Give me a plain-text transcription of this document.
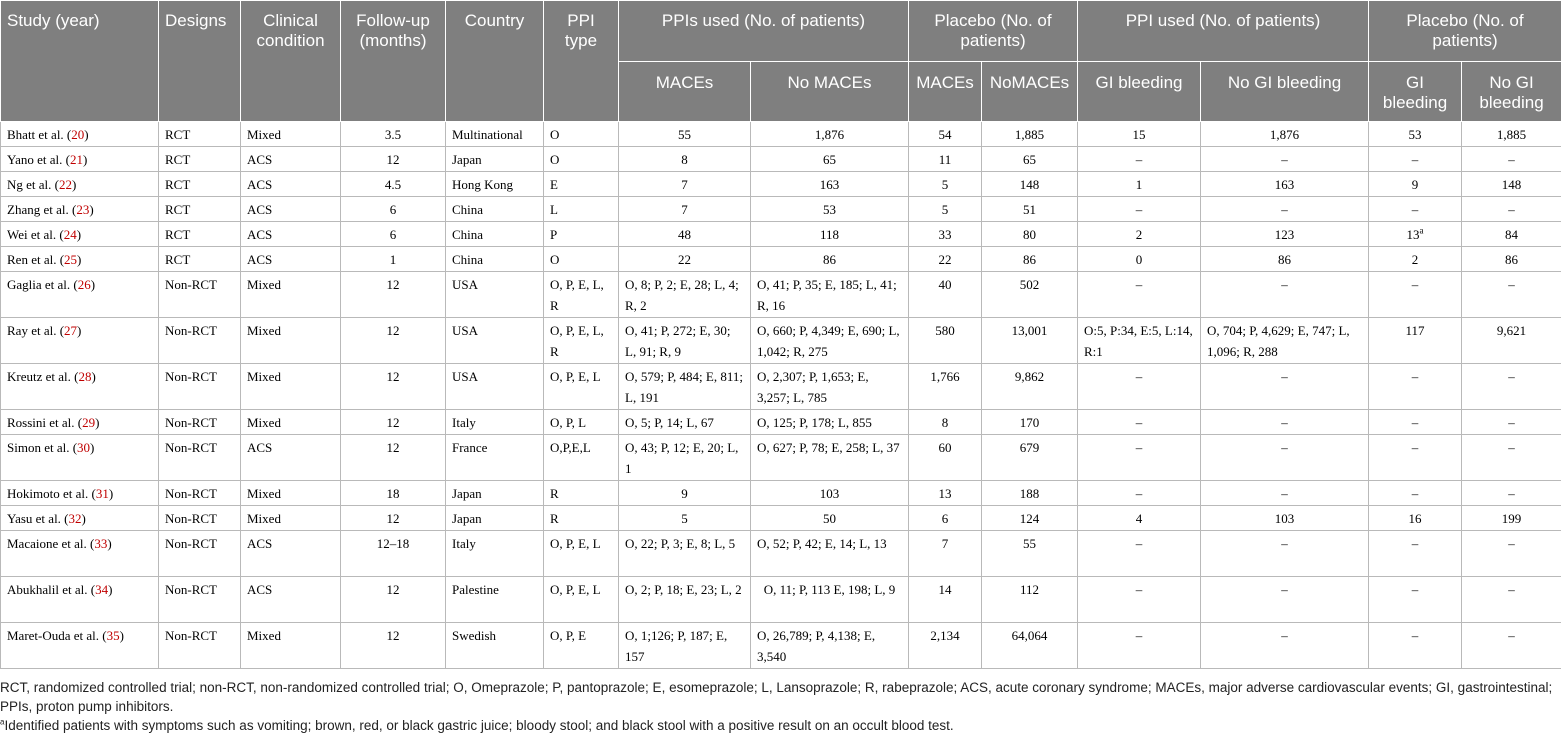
Study (year)	Designs	Clinical condition	Follow-up (months)	Country	PPI type	PPIs used (No. of patients)		Placebo (No. of patients)		PPI used (No. of patients)		Placebo (No. of patients)	
						MACEs	No MACEs	MACEs	NoMACEs	GI bleeding	No GI bleeding	GI bleeding	No GI bleeding
Bhatt et al. (20)	RCT	Mixed	3.5	Multinational	O	55	1,876	54	1,885	15	1,876	53	1,885
Yano et al. (21)	RCT	ACS	12	Japan	O	8	65	11	65	–	–	–	–
Ng et al. (22)	RCT	ACS	4.5	Hong Kong	E	7	163	5	148	1	163	9	148
Zhang et al. (23)	RCT	ACS	6	China	L	7	53	5	51	–	–	–	–
Wei et al. (24)	RCT	ACS	6	China	P	48	118	33	80	2	123	13$^a$	84
Ren et al. (25)	RCT	ACS	1	China	O	22	86	22	86	0	86	2	86
Gaglia et al. (26)	Non-RCT	Mixed	12	USA	O, P, E, L, R	O, 8; P, 2; E, 28; L, 4; R, 2	O, 41; P, 35; E, 185; L, 41; R, 16	40	502	–	–	–	–
Ray et al. (27)	Non-RCT	Mixed	12	USA	O, P, E, L, R	O, 41; P, 272; E, 30; L, 91; R, 9	O, 660; P, 4,349; E, 690; L, 1,042; R, 275	580	13,001	O:5, P:34, E:5, L:14, R:1	O, 704; P, 4,629; E, 747; L, 1,096; R, 288	117	9,621
Kreutz et al. (28)	Non-RCT	Mixed	12	USA	O, P, E, L	O, 579; P, 484; E, 811; L, 191	O, 2,307; P, 1,653; E, 3,257; L, 785	1,766	9,862	–	–	–	–
Rossini et al. (29)	Non-RCT	Mixed	12	Italy	O, P, L	O, 5; P, 14; L, 67	O, 125; P, 178; L, 855	8	170	–	–	–	–
Simon et al. (30)	Non-RCT	ACS	12	France	O,P,E,L	O, 43; P, 12; E, 20; L, 1	O, 627; P, 78; E, 258; L, 37	60	679	–	–	–	–
Hokimoto et al. (31)	Non-RCT	Mixed	18	Japan	R	9	103	13	188	–	–	–	–
Yasu et al. (32)	Non-RCT	Mixed	12	Japan	R	5	50	6	124	4	103	16	199
Macaione et al. (33)	Non-RCT	ACS	12–18	Italy	O, P, E, L	O, 22; P, 3; E, 8; L, 5	O, 52; P, 42; E, 14; L, 13	7	55	–	–	–	–
Abukhalil et al. (34)	Non-RCT	ACS	12	Palestine	O, P, E, L	O, 2; P, 18; E, 23; L, 2	O, 11; P, 113 E, 198; L, 9	14	112	–	–	–	–
Maret-Ouda et al. (35)	Non-RCT	Mixed	12	Swedish	O, P, E	O, 1;126; P, 187; E, 157	O, 26,789; P, 4,138; E, 3,540	2,134	64,064	–	–	–	–

RCT, randomized controlled trial; non-RCT, non-randomized controlled trial; O, Omeprazole; P, pantoprazole; E, esomeprazole; L, Lansoprazole; R, rabeprazole; ACS, acute coronary syndrome; MACEs, major adverse cardiovascular events; GI, gastrointestinal; PPIs, proton pump inhibitors.

$^a$Identified patients with symptoms such as vomiting; brown, red, or black gastric juice; bloody stool; and black stool with a positive result on an occult blood test.
